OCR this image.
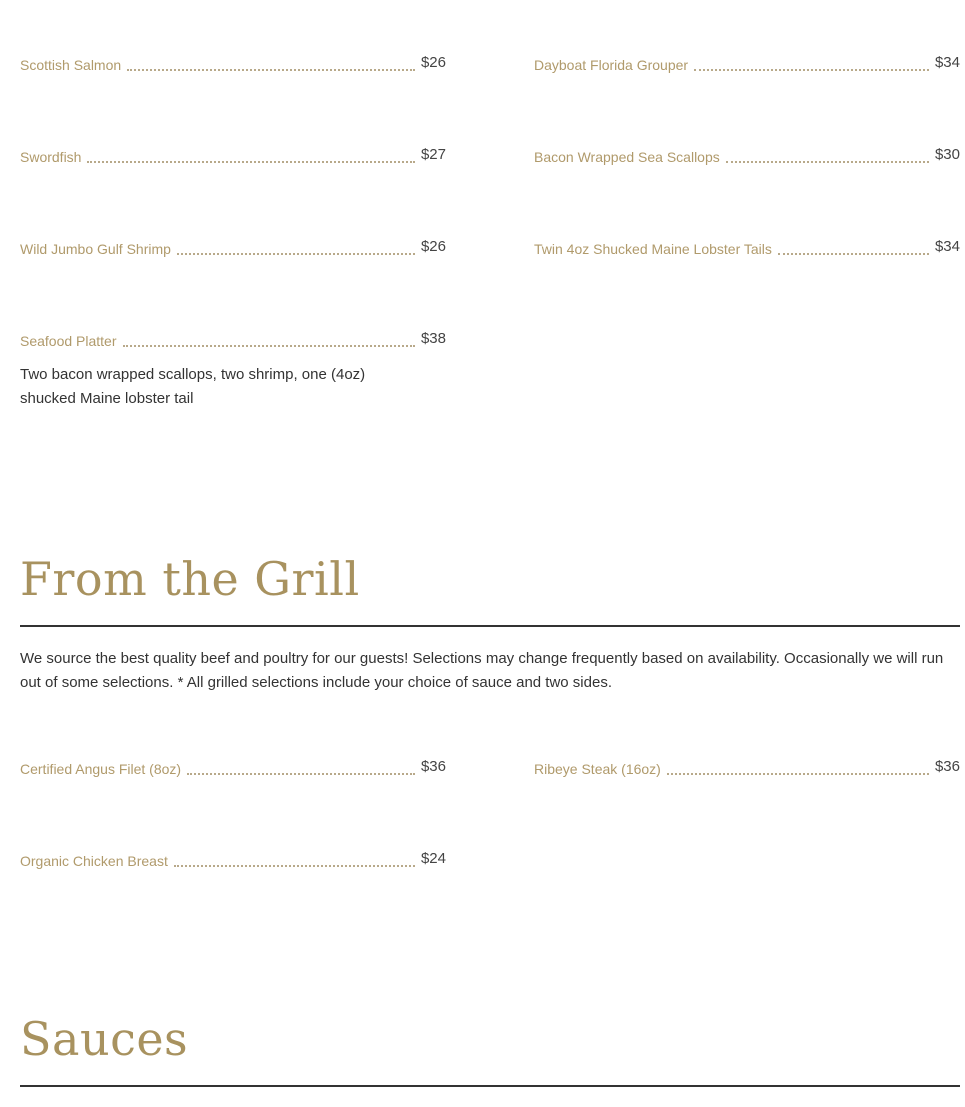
Scottish Salmon	$26
Swordfish	$27
Wild Jumbo Gulf Shrimp	$26
Seafood Platter	$38
Two bacon wrapped scallops, two shrimp, one (4oz) shucked Maine lobster tail
Dayboat Florida Grouper	$34
Bacon Wrapped Sea Scallops	$30
Twin 4oz Shucked Maine Lobster Tails	$34
From the Grill

We source the best quality beef and poultry for our guests! Selections may change frequently based on availability. Occasionally we will run out of some selections. * All grilled selections include your choice of sauce and two sides.

Certified Angus Filet (8oz)	$36
Organic Chicken Breast	$24
Ribeye Steak (16oz)	$36
Sauces
